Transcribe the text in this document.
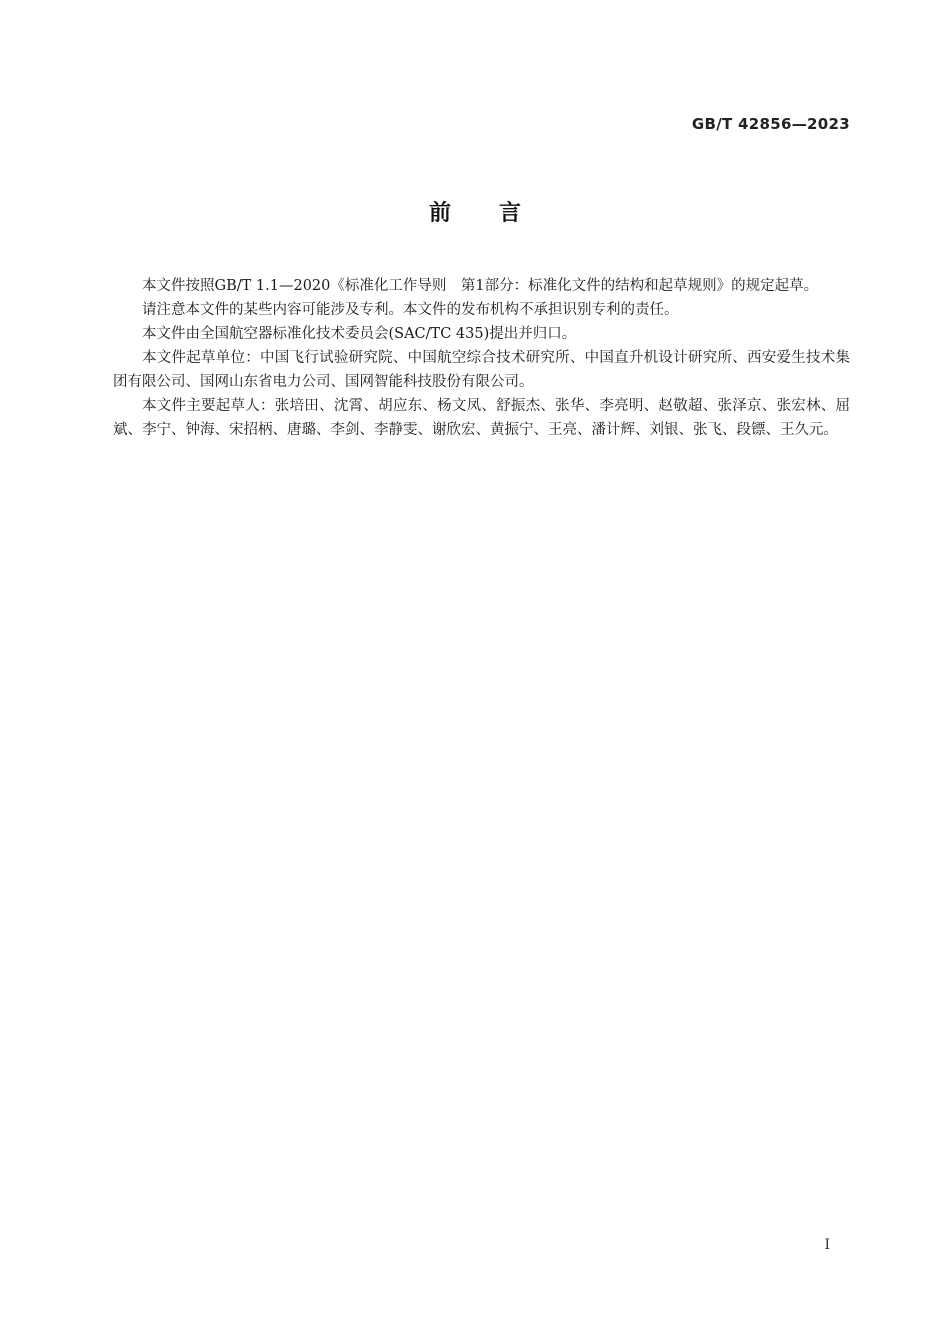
GB/T 42856—2023
前言

本文件按照GB/T 1.1—2020《标准化工作导则　第1部分：标准化文件的结构和起草规则》的规定起草。

请注意本文件的某些内容可能涉及专利。本文件的发布机构不承担识别专利的责任。

本文件由全国航空器标准化技术委员会(SAC/TC 435)提出并归口。

本文件起草单位：中国飞行试验研究院、中国航空综合技术研究所、中国直升机设计研究所、西安爱生技术集团有限公司、国网山东省电力公司、国网智能科技股份有限公司。

本文件主要起草人：张培田、沈霄、胡应东、杨文凤、舒振杰、张华、李亮明、赵敬超、张泽京、张宏林、屈斌、李宁、钟海、宋招柄、唐璐、李剑、李静雯、谢欣宏、黄振宁、王亮、潘计辉、刘银、张飞、段镖、王久元。

I
